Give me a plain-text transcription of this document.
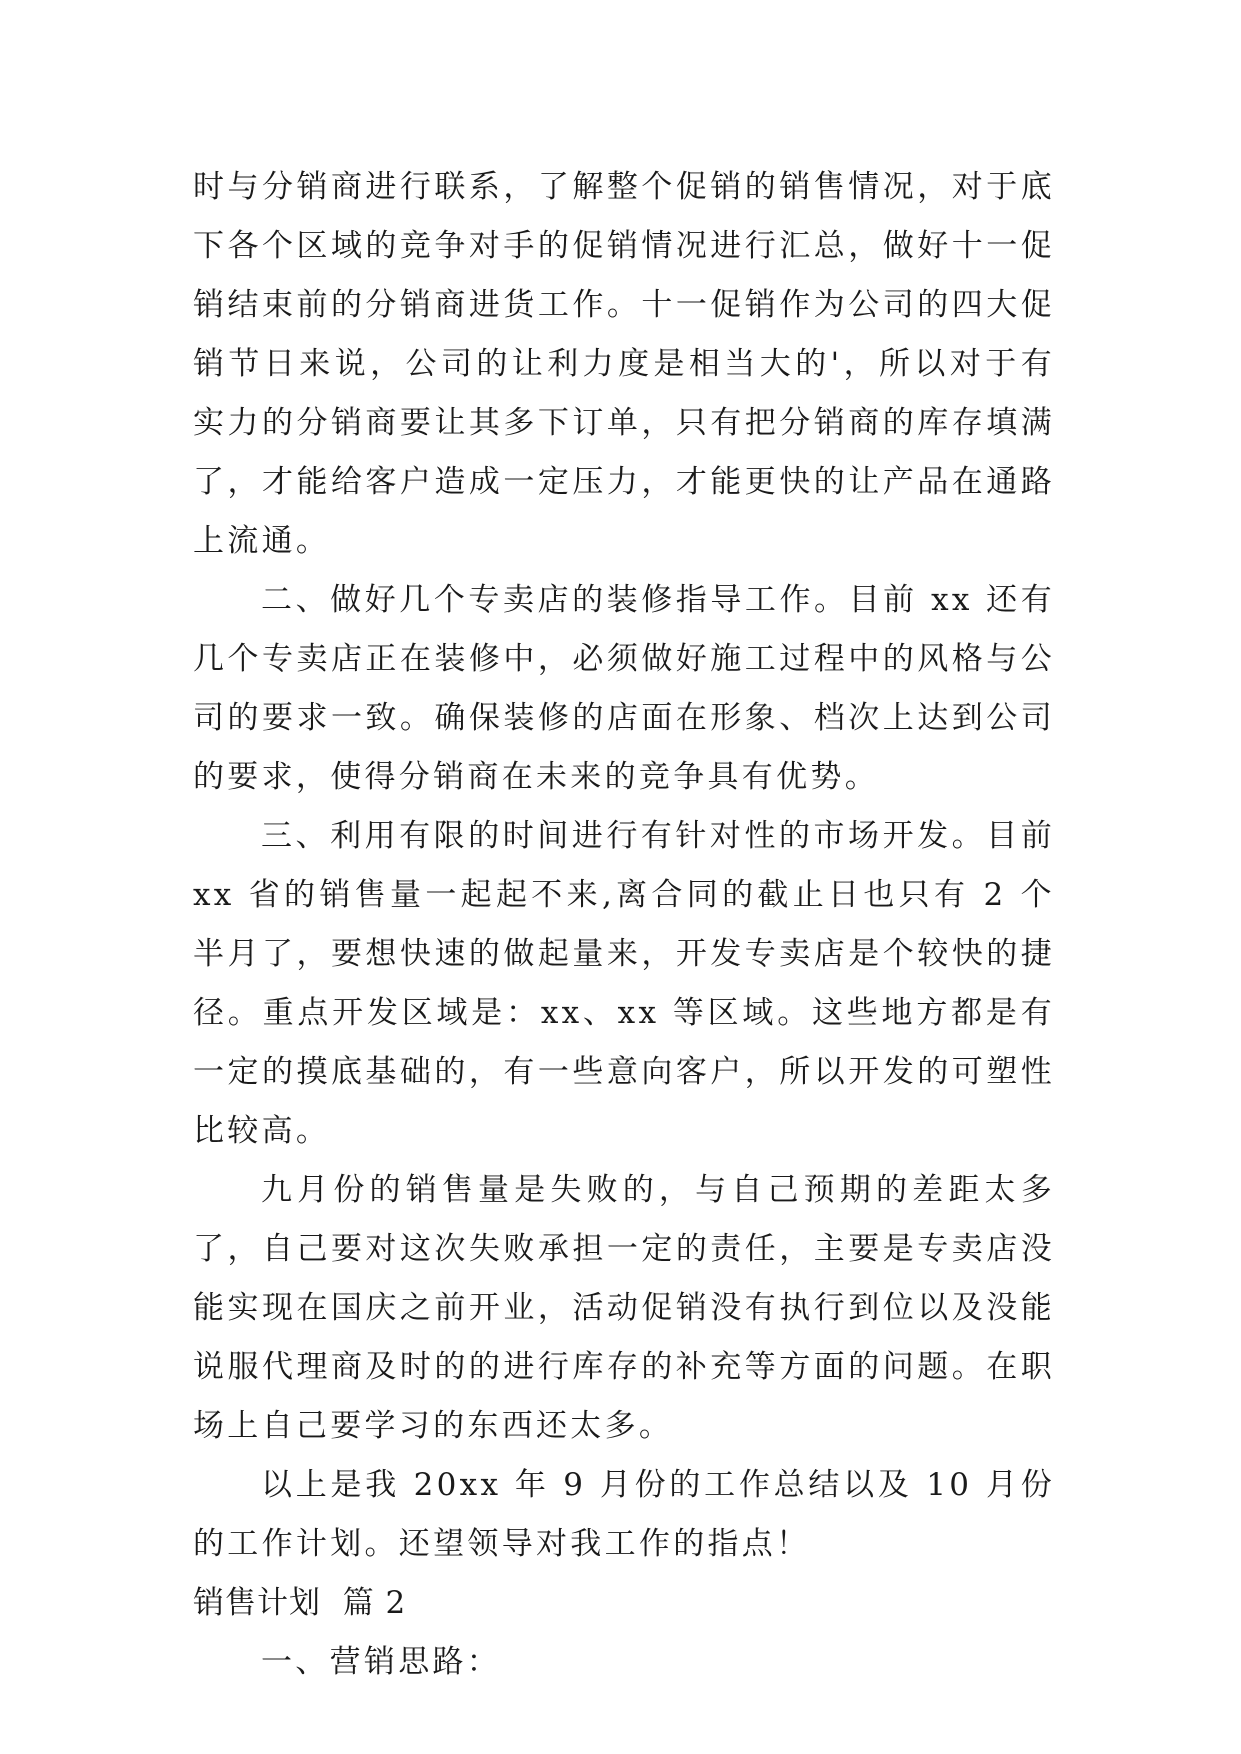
时与分销商进行联系，了解整个促销的销售情况，对于底下各个区域的竞争对手的促销情况进行汇总，做好十一促销结束前的分销商进货工作。十一促销作为公司的四大促销节日来说，公司的让利力度是相当大的'，所以对于有实力的分销商要让其多下订单，只有把分销商的库存填满了，才能给客户造成一定压力，才能更快的让产品在通路上流通。

二、做好几个专卖店的装修指导工作。目前 xx 还有几个专卖店正在装修中，必须做好施工过程中的风格与公司的要求一致。确保装修的店面在形象、档次上达到公司的要求，使得分销商在未来的竞争具有优势。

三、利用有限的时间进行有针对性的市场开发。目前 xx 省的销售量一起起不来,离合同的截止日也只有 2 个半月了，要想快速的做起量来，开发专卖店是个较快的捷径。重点开发区域是：xx、xx 等区域。这些地方都是有一定的摸底基础的，有一些意向客户，所以开发的可塑性比较高。

九月份的销售量是失败的，与自己预期的差距太多了，自己要对这次失败承担一定的责任，主要是专卖店没能实现在国庆之前开业，活动促销没有执行到位以及没能说服代理商及时的的进行库存的补充等方面的问题。在职场上自己要学习的东西还太多。

以上是我 20xx 年 9 月份的工作总结以及 10 月份的工作计划。还望领导对我工作的指点！

销售计划  篇 2

一、营销思路：
